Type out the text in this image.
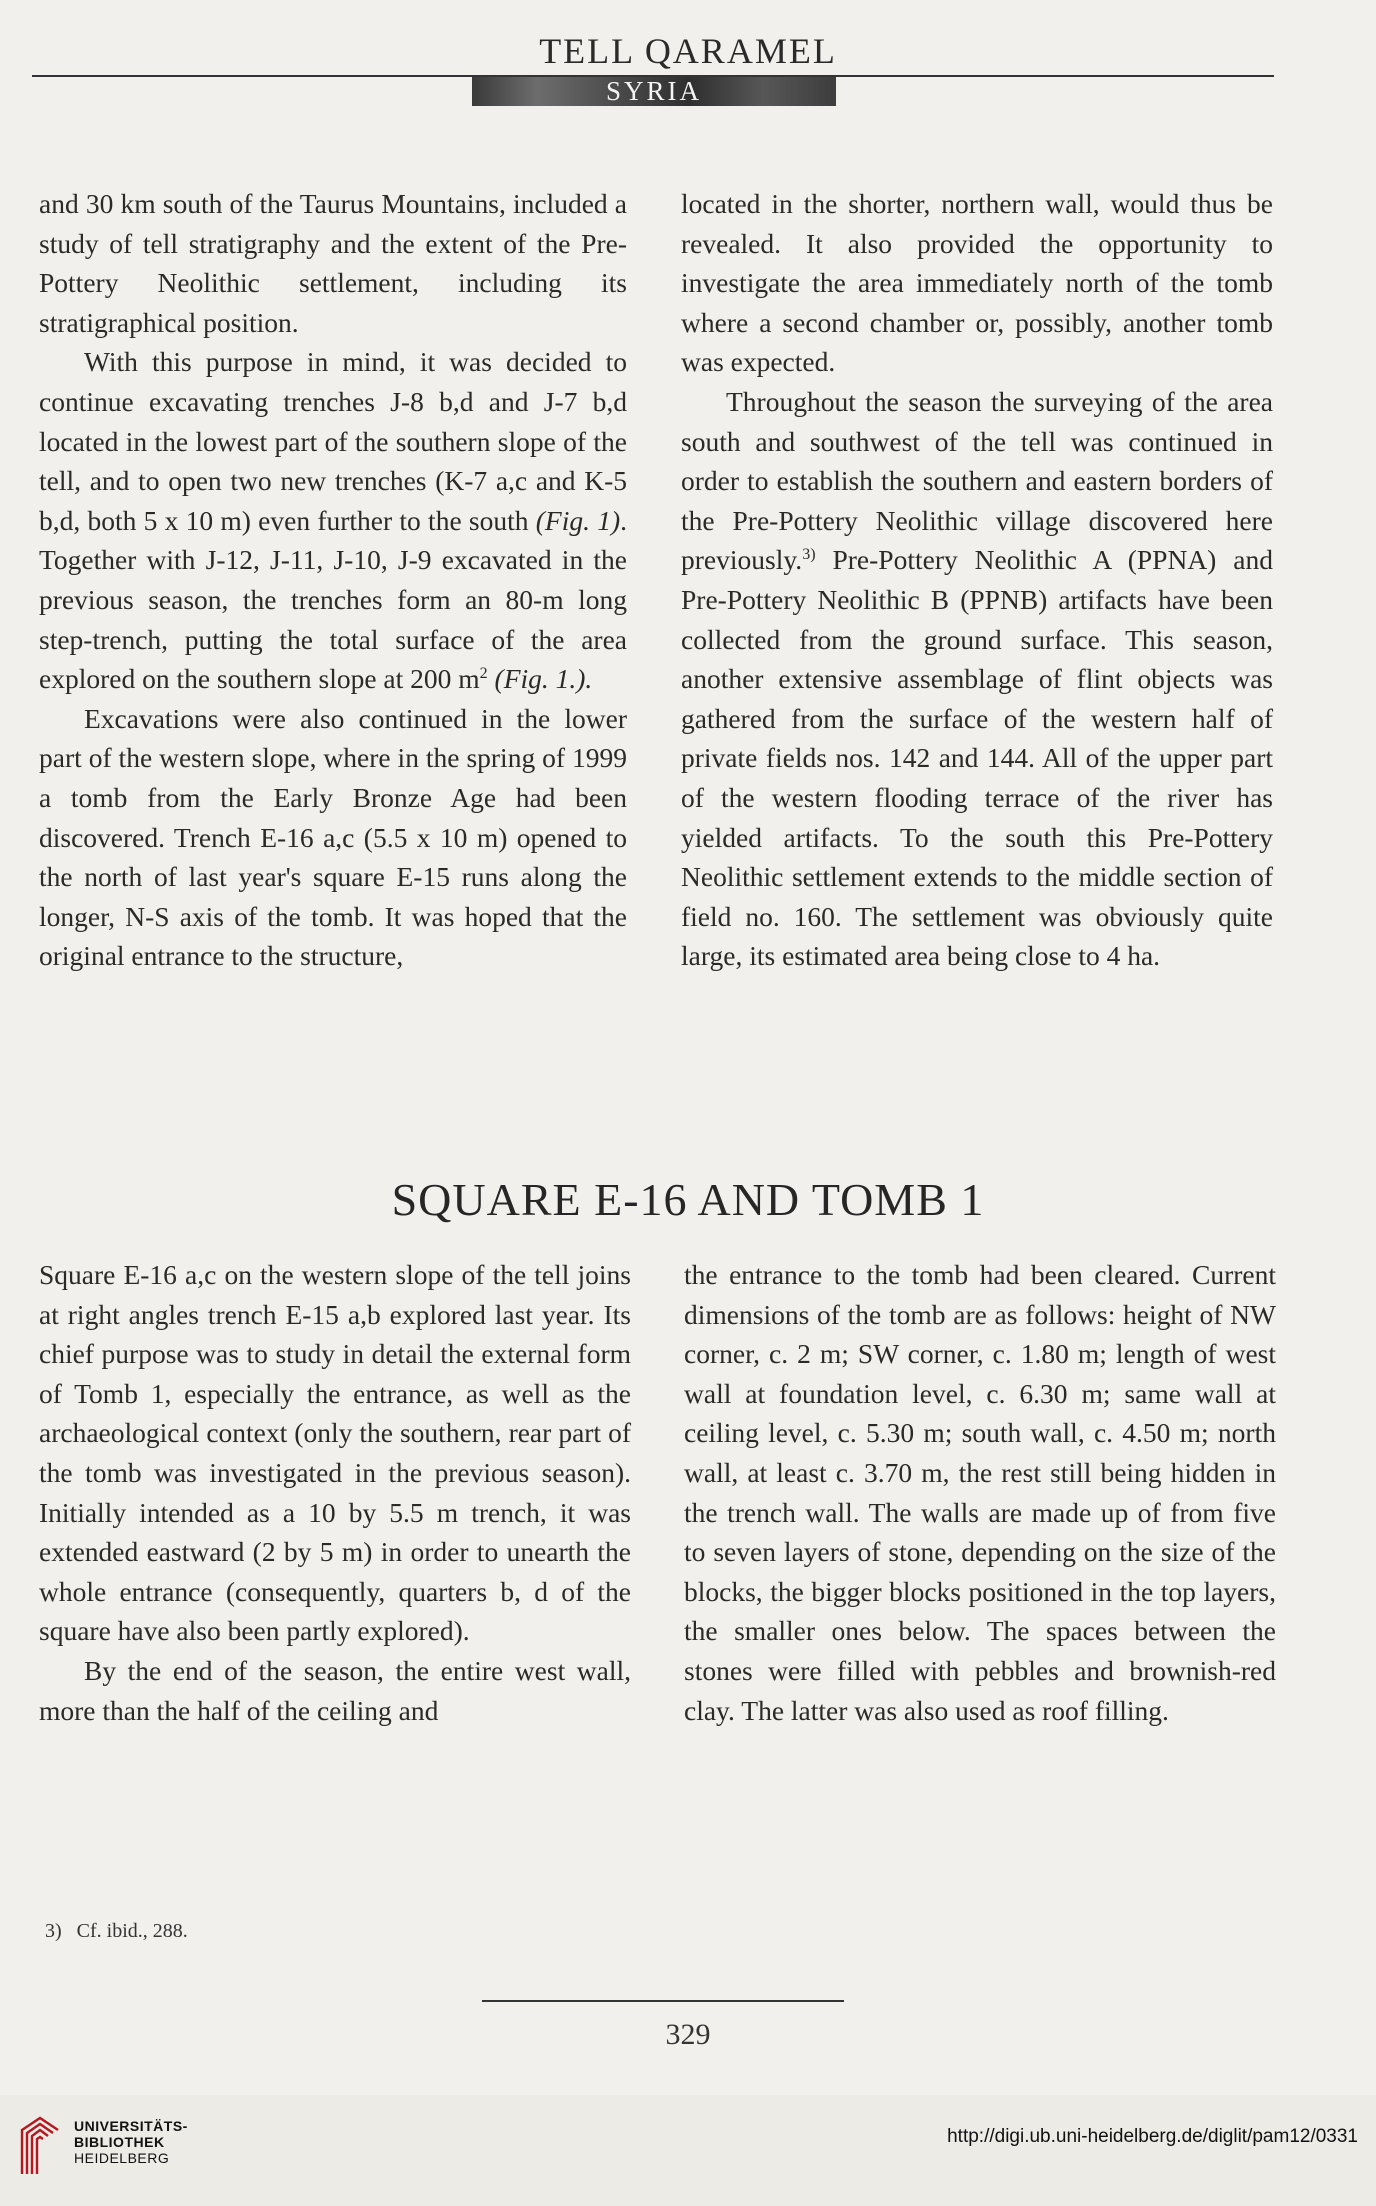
TELL QARAMEL
SYRIA

and 30 km south of the Taurus Mountains, included a study of tell stratigraphy and the extent of the Pre-Pottery Neolithic settlement, including its stratigraphical position.

With this purpose in mind, it was decided to continue excavating trenches J-8 b,d and J-7 b,d located in the lowest part of the southern slope of the tell, and to open two new trenches (K-7 a,c and K-5 b,d, both 5 x 10 m) even further to the south (Fig. 1). Together with J-12, J-11, J-10, J-9 excavated in the previous season, the trenches form an 80-m long step-trench, putting the total surface of the area explored on the southern slope at 200 $m^2$ (Fig. 1.).

Excavations were also continued in the lower part of the western slope, where in the spring of 1999 a tomb from the Early Bronze Age had been discovered. Trench E-16 a,c (5.5 x 10 m) opened to the north of last year's square E-15 runs along the longer, N-S axis of the tomb. It was hoped that the original entrance to the structure,

located in the shorter, northern wall, would thus be revealed. It also provided the opportunity to investigate the area immediately north of the tomb where a second chamber or, possibly, another tomb was expected.

Throughout the season the surveying of the area south and southwest of the tell was continued in order to establish the southern and eastern borders of the Pre-Pottery Neolithic village discovered here previously.$^{3)}$ Pre-Pottery Neolithic A (PPNA) and Pre-Pottery Neolithic B (PPNB) artifacts have been collected from the ground surface. This season, another extensive assemblage of flint objects was gathered from the surface of the western half of private fields nos. 142 and 144. All of the upper part of the western flooding terrace of the river has yielded artifacts. To the south this Pre-Pottery Neolithic settlement extends to the middle section of field no. 160. The settlement was obviously quite large, its estimated area being close to 4 ha.

SQUARE E-16 AND TOMB 1

Square E-16 a,c on the western slope of the tell joins at right angles trench E-15 a,b explored last year. Its chief purpose was to study in detail the external form of Tomb 1, especially the entrance, as well as the archaeological context (only the southern, rear part of the tomb was investigated in the previous season). Initially intended as a 10 by 5.5 m trench, it was extended eastward (2 by 5 m) in order to unearth the whole entrance (consequently, quarters b, d of the square have also been partly explored).

By the end of the season, the entire west wall, more than the half of the ceiling and

the entrance to the tomb had been cleared. Current dimensions of the tomb are as follows: height of NW corner, c. 2 m; SW corner, c. 1.80 m; length of west wall at foundation level, c. 6.30 m; same wall at ceiling level, c. 5.30 m; south wall, c. 4.50 m; north wall, at least c. 3.70 m, the rest still being hidden in the trench wall. The walls are made up of from five to seven layers of stone, depending on the size of the blocks, the bigger blocks positioned in the top layers, the smaller ones below. The spaces between the stones were filled with pebbles and brownish-red clay. The latter was also used as roof filling.

3) Cf. ibid., 288.
329
UNIVERSITÄTS-
BIBLIOTHEK
HEIDELBERG
http://digi.ub.uni-heidelberg.de/diglit/pam12/0331
